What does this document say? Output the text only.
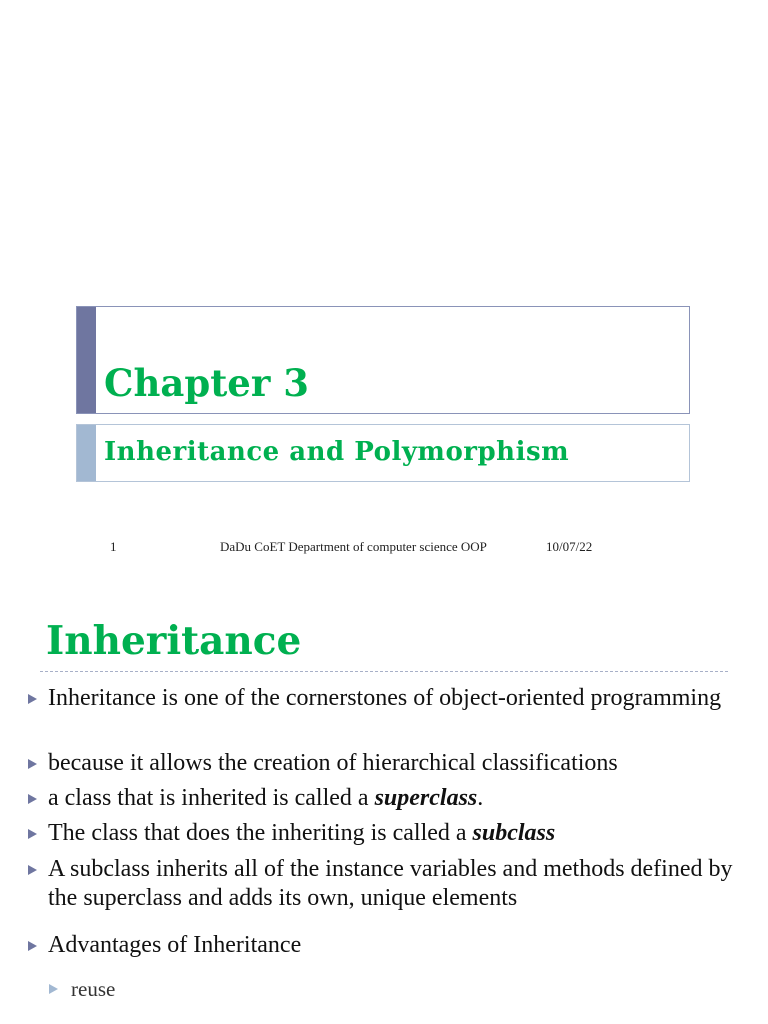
Chapter 3
Inheritance and Polymorphism
1	DaDu CoET Department of computer science OOP	10/07/22
Inheritance
Inheritance is one of the cornerstones of object-oriented programming
because it allows the creation of hierarchical classifications
a class that is inherited is called a superclass.
The class that does the inheriting is called a subclass
A subclass inherits all of the instance variables and methods defined by the superclass and adds its own, unique elements
Advantages of Inheritance
reuse
